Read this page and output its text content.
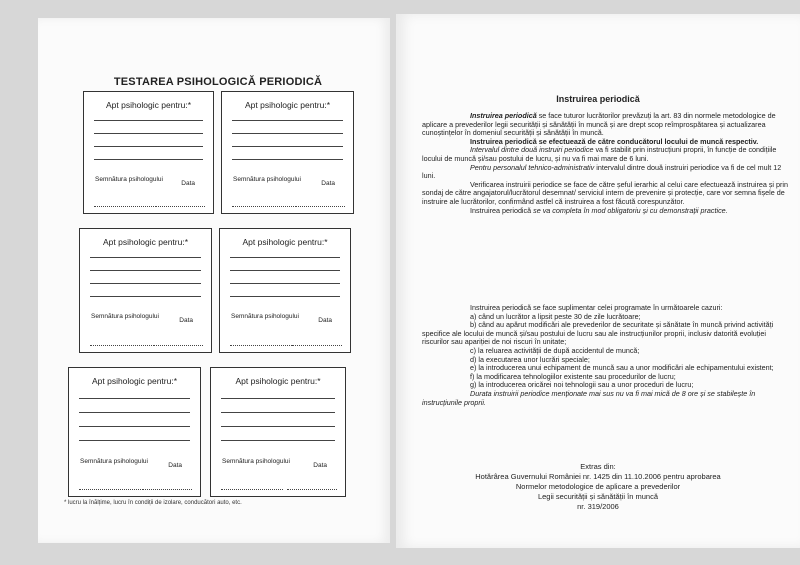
TESTAREA PSIHOLOGICĂ PERIODICĂ
Apt psihologic pentru:*
Semnătura psihologului
Data
Apt psihologic pentru:*
Semnătura psihologului
Data
Apt psihologic pentru:*
Semnătura psihologului
Data
Apt psihologic pentru:*
Semnătura psihologului
Data
Apt psihologic pentru:*
Semnătura psihologului
Data
Apt psihologic pentru:*
Semnătura psihologului
Data
* lucru la înălțime, lucru în condiții de izolare, conducători auto, etc.
Instruirea periodică

Instruirea periodică se face tuturor lucrătorilor prevăzuți la art. 83 din normele metodologice de aplicare a prevederilor legii securității și sănătății în muncă și are drept scop reîmprospătarea și actualizarea cunoștințelor în domeniul securității și sănătății în muncă.

Instruirea periodică se efectuează de către conducătorul locului de muncă respectiv.

Intervalul dintre două instruiri periodice va fi stabilit prin instrucțiuni proprii, în funcție de condițiile locului de muncă și/sau postului de lucru, și nu va fi mai mare de 6 luni.

Pentru personalul tehnico-administrativ intervalul dintre două instruiri periodice va fi de cel mult 12 luni.

Verificarea instruirii periodice se face de către șeful ierarhic al celui care efectuează instruirea și prin sondaj de către angajatorul/lucrătorul desemnat/ serviciul intern de prevenire și protecție, care vor semna fișele de instruire ale lucrătorilor, confirmând astfel că instruirea a fost făcută corespunzător.

Instruirea periodică se va completa în mod obligatoriu și cu demonstrații practice.

Instruirea periodică se face suplimentar celei programate în următoarele cazuri:

a) când un lucrător a lipsit peste 30 de zile lucrătoare;

b) când au apărut modificări ale prevederilor de securitate și sănătate în muncă privind activități specifice ale locului de muncă și/sau postului de lucru sau ale instrucțiunilor proprii, inclusiv datorită evoluției riscurilor sau apariției de noi riscuri în unitate;

c) la reluarea activității de după accidentul de muncă;

d) la executarea unor lucrări speciale;

e) la introducerea unui echipament de muncă sau a unor modificări ale echipamentului existent;

f) la modificarea tehnologiilor existente sau procedurilor de lucru;

g) la introducerea oricărei noi tehnologii sau a unor proceduri de lucru;

Durata instruirii periodice menționate mai sus nu va fi mai mică de 8 ore și se stabilește în instrucțiunile proprii.

Extras din:
Hotărârea Guvernului României nr. 1425 din 11.10.2006 pentru aprobarea
Normelor metodologice de aplicare a prevederilor
Legii securității și sănătății în muncă
nr. 319/2006
